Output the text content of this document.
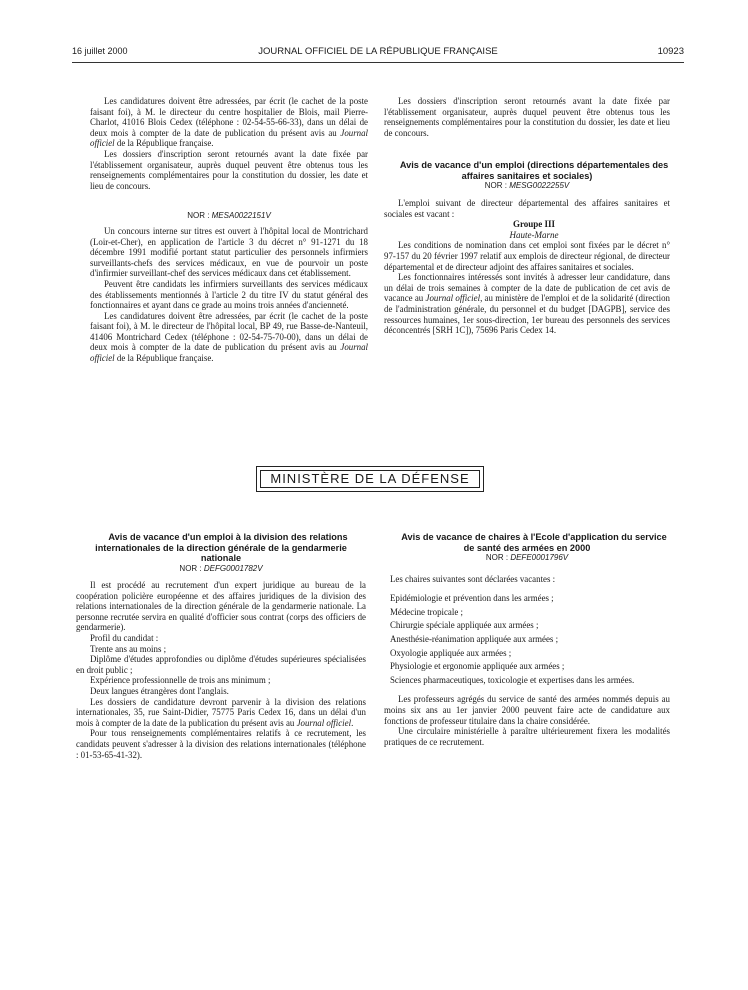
16 juillet 2000	JOURNAL OFFICIEL DE LA RÉPUBLIQUE FRANÇAISE	10923

Les candidatures doivent être adressées, par écrit (le cachet de la poste faisant foi), à M. le directeur du centre hospitalier de Blois, mail Pierre-Charlot, 41016 Blois Cedex (téléphone : 02-54-55-66-33), dans un délai de deux mois à compter de la date de publication du présent avis au Journal officiel de la République française.

Les dossiers d'inscription seront retournés avant la date fixée par l'établissement organisateur, auprès duquel peuvent être obtenus tous les renseignements complémentaires pour la constitution du dossier, les date et lieu de concours.

NOR : MESA0022151V

Un concours interne sur titres est ouvert à l'hôpital local de Montrichard (Loir-et-Cher), en application de l'article 3 du décret n° 91-1271 du 18 décembre 1991 modifié portant statut particulier des personnels infirmiers surveillants-chefs des services médicaux, en vue de pourvoir un poste d'infirmier surveillant-chef des services médicaux dans cet établissement.

Peuvent être candidats les infirmiers surveillants des services médicaux des établissements mentionnés à l'article 2 du titre IV du statut général des fonctionnaires et ayant dans ce grade au moins trois années d'ancienneté.

Les candidatures doivent être adressées, par écrit (le cachet de la poste faisant foi), à M. le directeur de l'hôpital local, BP 49, rue Basse-de-Nanteuil, 41406 Montrichard Cedex (téléphone : 02-54-75-70-00), dans un délai de deux mois à compter de la date de publication du présent avis au Journal officiel de la République française.

Les dossiers d'inscription seront retournés avant la date fixée par l'établissement organisateur, auprès duquel peuvent être obtenus tous les renseignements complémentaires pour la constitution du dossier, les date et lieu de concours.

Avis de vacance d'un emploi (directions départementales des affaires sanitaires et sociales)

NOR : MESG0022255V

L'emploi suivant de directeur départemental des affaires sanitaires et sociales est vacant :

Groupe III

Haute-Marne

Les conditions de nomination dans cet emploi sont fixées par le décret n° 97-157 du 20 février 1997 relatif aux emplois de directeur régional, de directeur départemental et de directeur adjoint des affaires sanitaires et sociales.

Les fonctionnaires intéressés sont invités à adresser leur candidature, dans un délai de trois semaines à compter de la date de publication de cet avis de vacance au Journal officiel, au ministère de l'emploi et de la solidarité (direction de l'administration générale, du personnel et du budget [DAGPB], service des ressources humaines, 1er sous-direction, 1er bureau des personnels des services déconcentrés [SRH 1C]), 75696 Paris Cedex 14.

MINISTÈRE DE LA DÉFENSE

Avis de vacance d'un emploi à la division des relations internationales de la direction générale de la gendarmerie nationale

NOR : DEFG0001782V

Il est procédé au recrutement d'un expert juridique au bureau de la coopération policière européenne et des affaires juridiques de la division des relations internationales de la direction générale de la gendarmerie nationale. La personne recrutée servira en qualité d'officier sous contrat (corps des officiers de gendarmerie).

Profil du candidat :

Trente ans au moins ;

Diplôme d'études approfondies ou diplôme d'études supérieures spécialisées en droit public ;

Expérience professionnelle de trois ans minimum ;

Deux langues étrangères dont l'anglais.

Les dossiers de candidature devront parvenir à la division des relations internationales, 35, rue Saint-Didier, 75775 Paris Cedex 16, dans un délai d'un mois à compter de la date de la publication du présent avis au Journal officiel.

Pour tous renseignements complémentaires relatifs à ce recrutement, les candidats peuvent s'adresser à la division des relations internationales (téléphone : 01-53-65-41-32).

Avis de vacance de chaires à l'Ecole d'application du service de santé des armées en 2000

NOR : DEFE0001796V

Les chaires suivantes sont déclarées vacantes :

Epidémiologie et prévention dans les armées ;

Médecine tropicale ;

Chirurgie spéciale appliquée aux armées ;

Anesthésie-réanimation appliquée aux armées ;

Oxyologie appliquée aux armées ;

Physiologie et ergonomie appliquée aux armées ;

Sciences pharmaceutiques, toxicologie et expertises dans les armées.

Les professeurs agrégés du service de santé des armées nommés depuis au moins six ans au 1er janvier 2000 peuvent faire acte de candidature aux fonctions de professeur titulaire dans la chaire considérée.

Une circulaire ministérielle à paraître ultérieurement fixera les modalités pratiques de ce recrutement.
